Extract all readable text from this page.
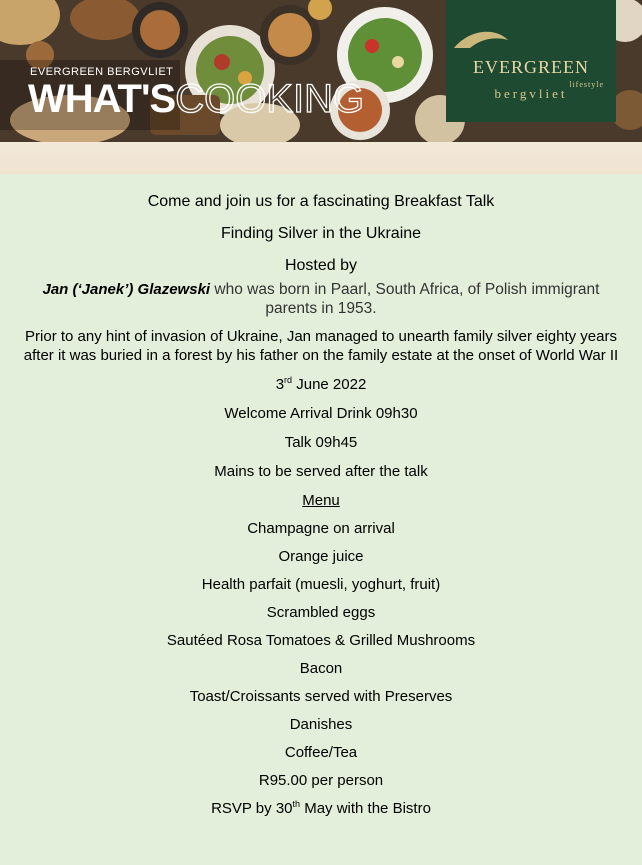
EVERGREEN BERGVLIET
WHAT'SCOOKING
EVERGREEN
lifestyle
bergvliet
Come and join us for a fascinating Breakfast Talk
Finding Silver in the Ukraine
Hosted by
Jan (‘Janek’) Glazewski who was born in Paarl, South Africa, of Polish immigrant parents in 1953.
Prior to any hint of invasion of Ukraine, Jan managed to unearth family silver eighty years after it was buried in a forest by his father on the family estate at the onset of World War II
3rd June 2022
Welcome Arrival Drink 09h30
Talk 09h45
Mains to be served after the talk
Menu
Champagne on arrival
Orange juice
Health parfait (muesli, yoghurt, fruit)
Scrambled eggs
Sautéed Rosa Tomatoes & Grilled Mushrooms
Bacon
Toast/Croissants served with Preserves
Danishes
Coffee/Tea
R95.00 per person
RSVP by 30th May with the Bistro
